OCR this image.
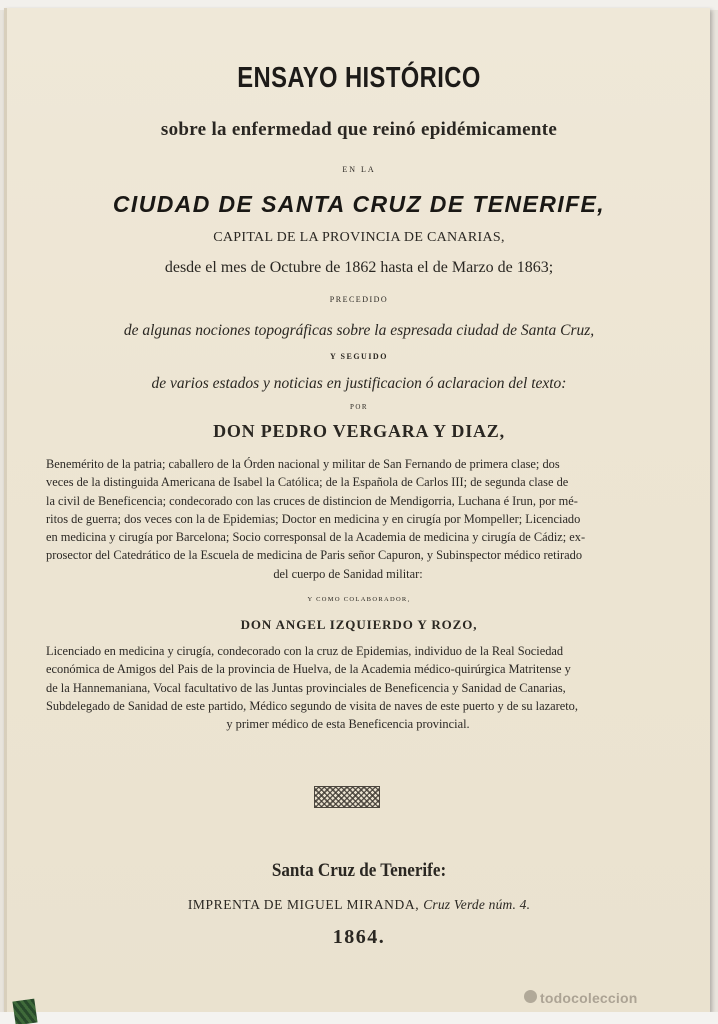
ENSAYO HISTÓRICO
sobre la enfermedad que reinó epidémicamente
EN LA
CIUDAD DE SANTA CRUZ DE TENERIFE,
CAPITAL DE LA PROVINCIA DE CANARIAS,
desde el mes de Octubre de 1862 hasta el de Marzo de 1863;
PRECEDIDO
de algunas nociones topográficas sobre la espresada ciudad de Santa Cruz,
Y SEGUIDO
de varios estados y noticias en justificacion ó aclaracion del texto:
POR
DON PEDRO VERGARA Y DIAZ,
Benemérito de la patria; caballero de la Órden nacional y militar de San Fernando de primera clase; dos
veces de la distinguida Americana de Isabel la Católica; de la Española de Carlos III; de segunda clase de
la civil de Beneficencia; condecorado con las cruces de distincion de Mendigorria, Luchana é Irun, por mé-
ritos de guerra; dos veces con la de Epidemias; Doctor en medicina y en cirugía por Mompeller; Licenciado
en medicina y cirugía por Barcelona; Socio corresponsal de la Academia de medicina y cirugía de Cádiz; ex-
prosector del Catedrático de la Escuela de medicina de Paris señor Capuron, y Subinspector médico retirado
del cuerpo de Sanidad militar:
Y COMO COLABORADOR,
DON ANGEL IZQUIERDO Y ROZO,
Licenciado en medicina y cirugía, condecorado con la cruz de Epidemias, individuo de la Real Sociedad
económica de Amigos del Pais de la provincia de Huelva, de la Academia médico-quirúrgica Matritense y
de la Hannemaniana, Vocal facultativo de las Juntas provinciales de Beneficencia y Sanidad de Canarias,
Subdelegado de Sanidad de este partido, Médico segundo de visita de naves de este puerto y de su lazareto,
y primer médico de esta Beneficencia provincial.
Santa Cruz de Tenerife:
IMPRENTA DE MIGUEL MIRANDA, Cruz Verde núm. 4.
1864.
todocoleccion
